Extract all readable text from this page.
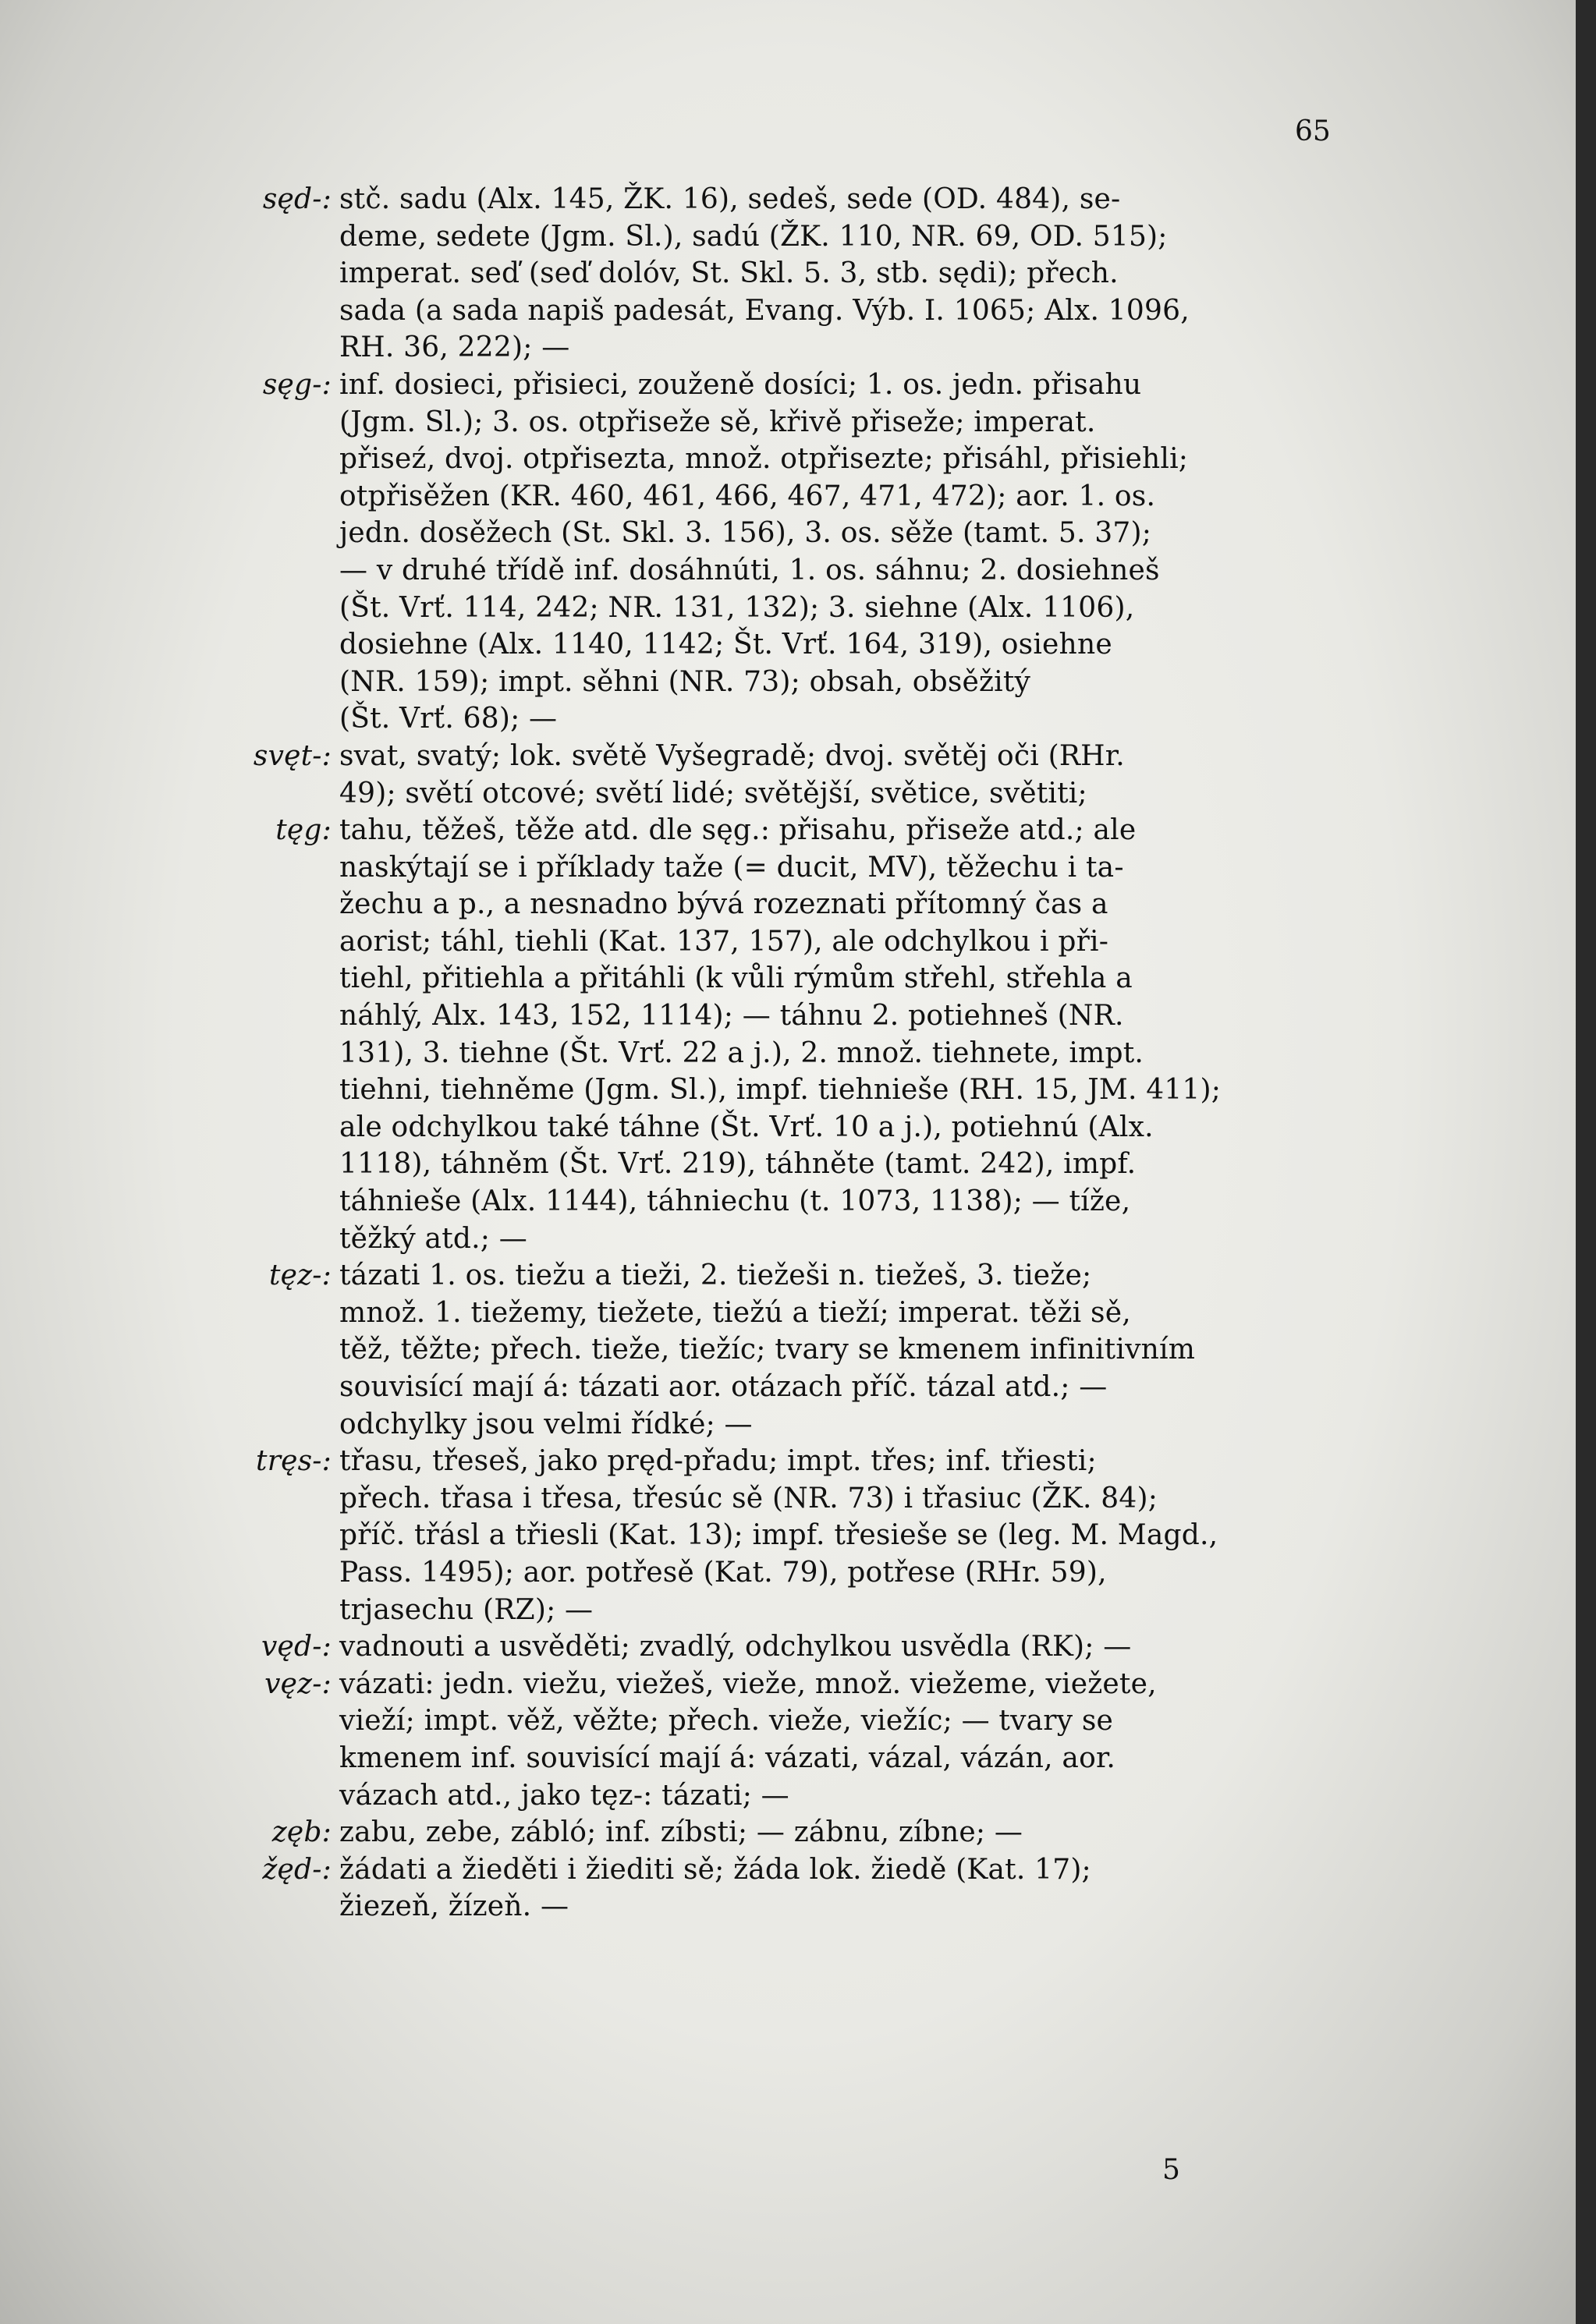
65
sęd-: stč. sadu (Alx. 145, ŽK. 16), sedeš, sede (OD. 484), se-
deme, sedete (Jgm. Sl.), sadú (ŽK. 110, NR. 69, OD. 515);
imperat. seď (seď dolóv, St. Skl. 5. 3, stb. sędi); přech.
sada (a sada napiš padesát, Evang. Výb. I. 1065; Alx. 1096,
RH. 36, 222); —
sęg-: inf. dosieci, přisieci, zouženě dosíci; 1. os. jedn. přisahu
(Jgm. Sl.); 3. os. otpřiseže sě, křivě přiseže; imperat.
přiseź, dvoj. otpřisezta, množ. otpřisezte; přisáhl, přisiehli;
otpřisěžen (KR. 460, 461, 466, 467, 471, 472); aor. 1. os.
jedn. dosěžech (St. Skl. 3. 156), 3. os. sěže (tamt. 5. 37);
— v druhé třídě inf. dosáhnúti, 1. os. sáhnu; 2. dosiehneš
(Št. Vrť. 114, 242; NR. 131, 132); 3. siehne (Alx. 1106),
dosiehne (Alx. 1140, 1142; Št. Vrť. 164, 319), osiehne
(NR. 159); impt. sěhni (NR. 73); obsah, obsěžitý
(Št. Vrť. 68); —
svęt-: svat, svatý; lok. světě Vyšegradě; dvoj. světěj oči (RHr.
49); světí otcové; světí lidé; světější, světice, světiti;
tęg: tahu, těžeš, těže atd. dle sęg.: přisahu, přiseže atd.; ale
naskýtají se i příklady taže (= ducit, MV), těžechu i ta-
žechu a p., a nesnadno bývá rozeznati přítomný čas a
aorist; táhl, tiehli (Kat. 137, 157), ale odchylkou i při-
tiehl, přitiehla a přitáhli (k vůli rýmům střehl, střehla a
náhlý, Alx. 143, 152, 1114); — táhnu 2. potiehneš (NR.
131), 3. tiehne (Št. Vrť. 22 a j.), 2. množ. tiehnete, impt.
tiehni, tiehněme (Jgm. Sl.), impf. tiehnieše (RH. 15, JM. 411);
ale odchylkou také táhne (Št. Vrť. 10 a j.), potiehnú (Alx.
1118), táhněm (Št. Vrť. 219), táhněte (tamt. 242), impf.
táhnieše (Alx. 1144), táhniechu (t. 1073, 1138); — tíže,
těžký atd.; —
tęz-: tázati 1. os. tiežu a tieži, 2. tiežeši n. tiežeš, 3. tieže;
množ. 1. tiežemy, tiežete, tiežú a tieží; imperat. těži sě,
těž, těžte; přech. tieže, tiežíc; tvary se kmenem infinitivním
souvisící mají á: tázati aor. otázach příč. tázal atd.; —
odchylky jsou velmi řídké; —
tręs-: třasu, třeseš, jako pręd-přadu; impt. třes; inf. třiesti;
přech. třasa i třesa, třesúc sě (NR. 73) i třasiuc (ŽK. 84);
příč. třásl a třiesli (Kat. 13); impf. třesieše se (leg. M. Magd.,
Pass. 1495); aor. potřesě (Kat. 79), potřese (RHr. 59),
trjasechu (RZ); —
vęd-: vadnouti a usvěděti; zvadlý, odchylkou usvědla (RK); —
vęz-: vázati: jedn. viežu, viežeš, vieže, množ. viežeme, viežete,
vieží; impt. věž, věžte; přech. vieže, viežíc; — tvary se
kmenem inf. souvisící mají á: vázati, vázal, vázán, aor.
vázach atd., jako tęz-: tázati; —
zęb: zabu, zebe, zábló; inf. zíbsti; — zábnu, zíbne; —
žęd-: žádati a žieděti i žiediti sě; žáda lok. žiedě (Kat. 17);
žiezeň, žízeň. —
5
